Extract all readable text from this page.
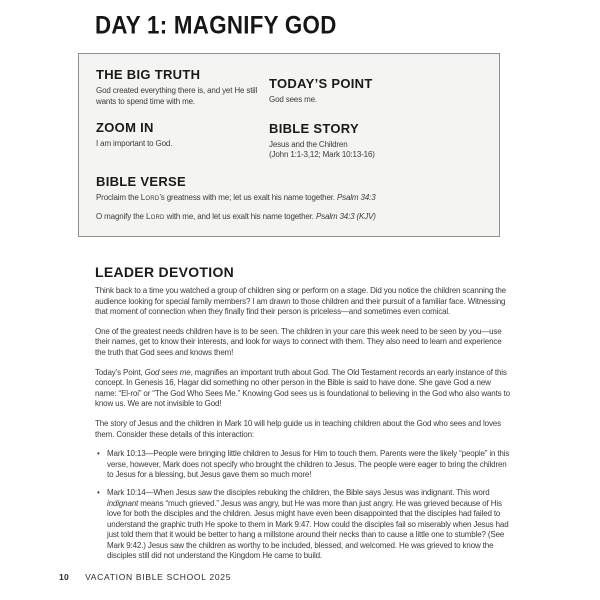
DAY 1: MAGNIFY GOD
THE BIG TRUTH

God created everything there is, and yet He still wants to spend time with me.

ZOOM IN

I am important to God.

TODAY’S POINT

God sees me.

BIBLE STORY

Jesus and the Children

(John 1:1-3,12; Mark 10:13-16)

BIBLE VERSE

Proclaim the Lord’s greatness with me; let us exalt his name together. Psalm 34:3

O magnify the Lord with me, and let us exalt his name together. Psalm 34:3 (KJV)

LEADER DEVOTION

Think back to a time you watched a group of children sing or perform on a stage. Did you notice the children scanning the audience looking for special family members? I am drawn to those children and their pursuit of a familiar face. Witnessing that moment of connection when they finally find their person is priceless—and sometimes even comical.

One of the greatest needs children have is to be seen. The children in your care this week need to be seen by you—use their names, get to know their interests, and look for ways to connect with them. They also need to learn and experience the truth that God sees and knows them!

Today’s Point, God sees me, magnifies an important truth about God. The Old Testament records an early instance of this concept. In Genesis 16, Hagar did something no other person in the Bible is said to have done. She gave God a new name: “El-roi” or “The God Who Sees Me.” Knowing God sees us is foundational to believing in the God who also wants to know us. We are not invisible to God!

The story of Jesus and the children in Mark 10 will help guide us in teaching children about the God who sees and loves them. Consider these details of this interaction:

• Mark 10:13—People were bringing little children to Jesus for Him to touch them. Parents were the likely “people” in this verse, however, Mark does not specify who brought the children to Jesus. The people were eager to bring the children to Jesus for a blessing, but Jesus gave them so much more!
• Mark 10:14—When Jesus saw the disciples rebuking the children, the Bible says Jesus was indignant. This word indignant means “much grieved.” Jesus was angry, but He was more than just angry. He was grieved because of His love for both the disciples and the children. Jesus might have even been disappointed that the disciples had failed to understand the graphic truth He spoke to them in Mark 9:47. How could the disciples fail so miserably when Jesus had just told them that it would be better to hang a millstone around their necks than to cause a little one to stumble? (See Mark 9:42.) Jesus saw the children as worthy to be included, blessed, and welcomed. He was grieved to know the disciples still did not understand the Kingdom He came to build.
10 VACATION BIBLE SCHOOL 2025
